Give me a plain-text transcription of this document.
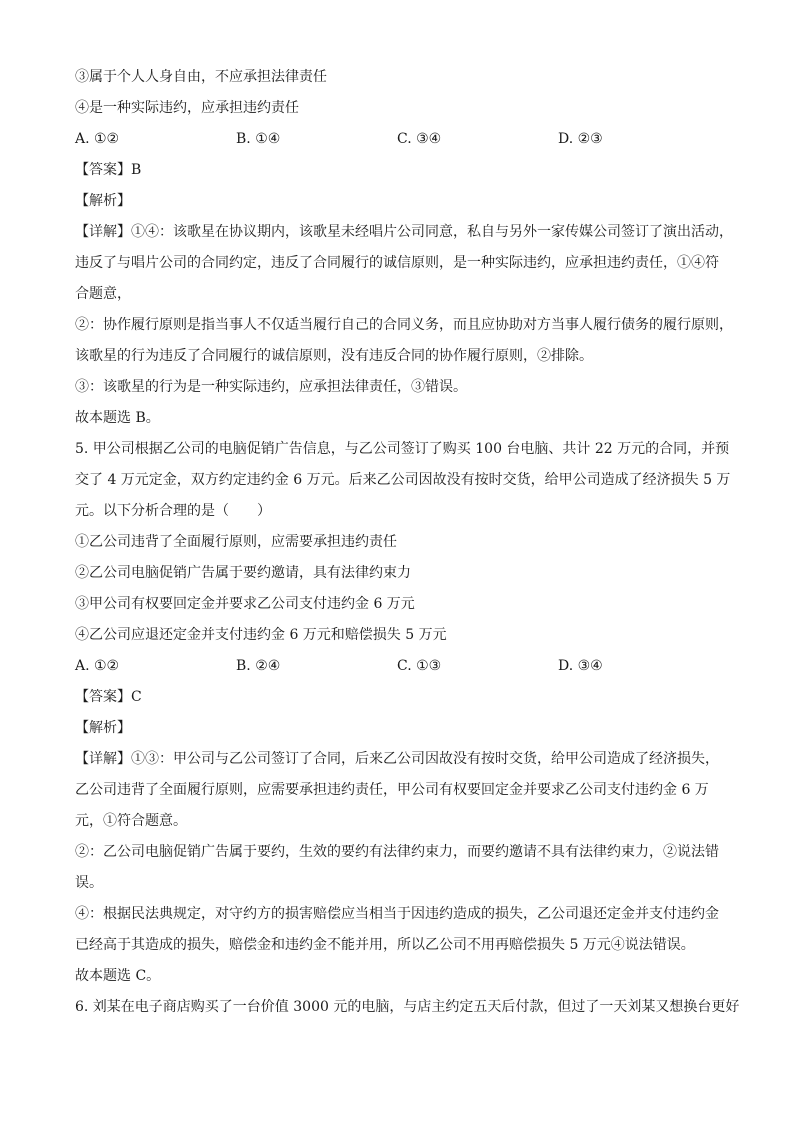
③属于个人人身自由，不应承担法律责任
④是一种实际违约，应承担违约责任
A. ①②	B. ①④	C. ③④	D. ②③
【答案】B
【解析】
【详解】①④：该歌星在协议期内，该歌星未经唱片公司同意，私自与另外一家传媒公司签订了演出活动，
违反了与唱片公司的合同约定，违反了合同履行的诚信原则，是一种实际违约，应承担违约责任，①④符
合题意，
②：协作履行原则是指当事人不仅适当履行自己的合同义务，而且应协助对方当事人履行债务的履行原则，
该歌星的行为违反了合同履行的诚信原则，没有违反合同的协作履行原则，②排除。
③：该歌星的行为是一种实际违约，应承担法律责任，③错误。
故本题选 B。
5. 甲公司根据乙公司的电脑促销广告信息，与乙公司签订了购买 100 台电脑、共计 22 万元的合同，并预
交了 4 万元定金，双方约定违约金 6 万元。后来乙公司因故没有按时交货，给甲公司造成了经济损失 5 万
元。以下分析合理的是（　　）
①乙公司违背了全面履行原则，应需要承担违约责任
②乙公司电脑促销广告属于要约邀请，具有法律约束力
③甲公司有权要回定金并要求乙公司支付违约金 6 万元
④乙公司应退还定金并支付违约金 6 万元和赔偿损失 5 万元
A. ①②	B. ②④	C. ①③	D. ③④
【答案】C
【解析】
【详解】①③：甲公司与乙公司签订了合同，后来乙公司因故没有按时交货，给甲公司造成了经济损失，
乙公司违背了全面履行原则，应需要承担违约责任，甲公司有权要回定金并要求乙公司支付违约金 6 万
元，①符合题意。
②：乙公司电脑促销广告属于要约，生效的要约有法律约束力，而要约邀请不具有法律约束力，②说法错
误。
④：根据民法典规定，对守约方的损害赔偿应当相当于因违约造成的损失，乙公司退还定金并支付违约金
已经高于其造成的损失，赔偿金和违约金不能并用，所以乙公司不用再赔偿损失 5 万元④说法错误。
故本题选 C。
6. 刘某在电子商店购买了一台价值 3000 元的电脑，与店主约定五天后付款，但过了一天刘某又想换台更好
